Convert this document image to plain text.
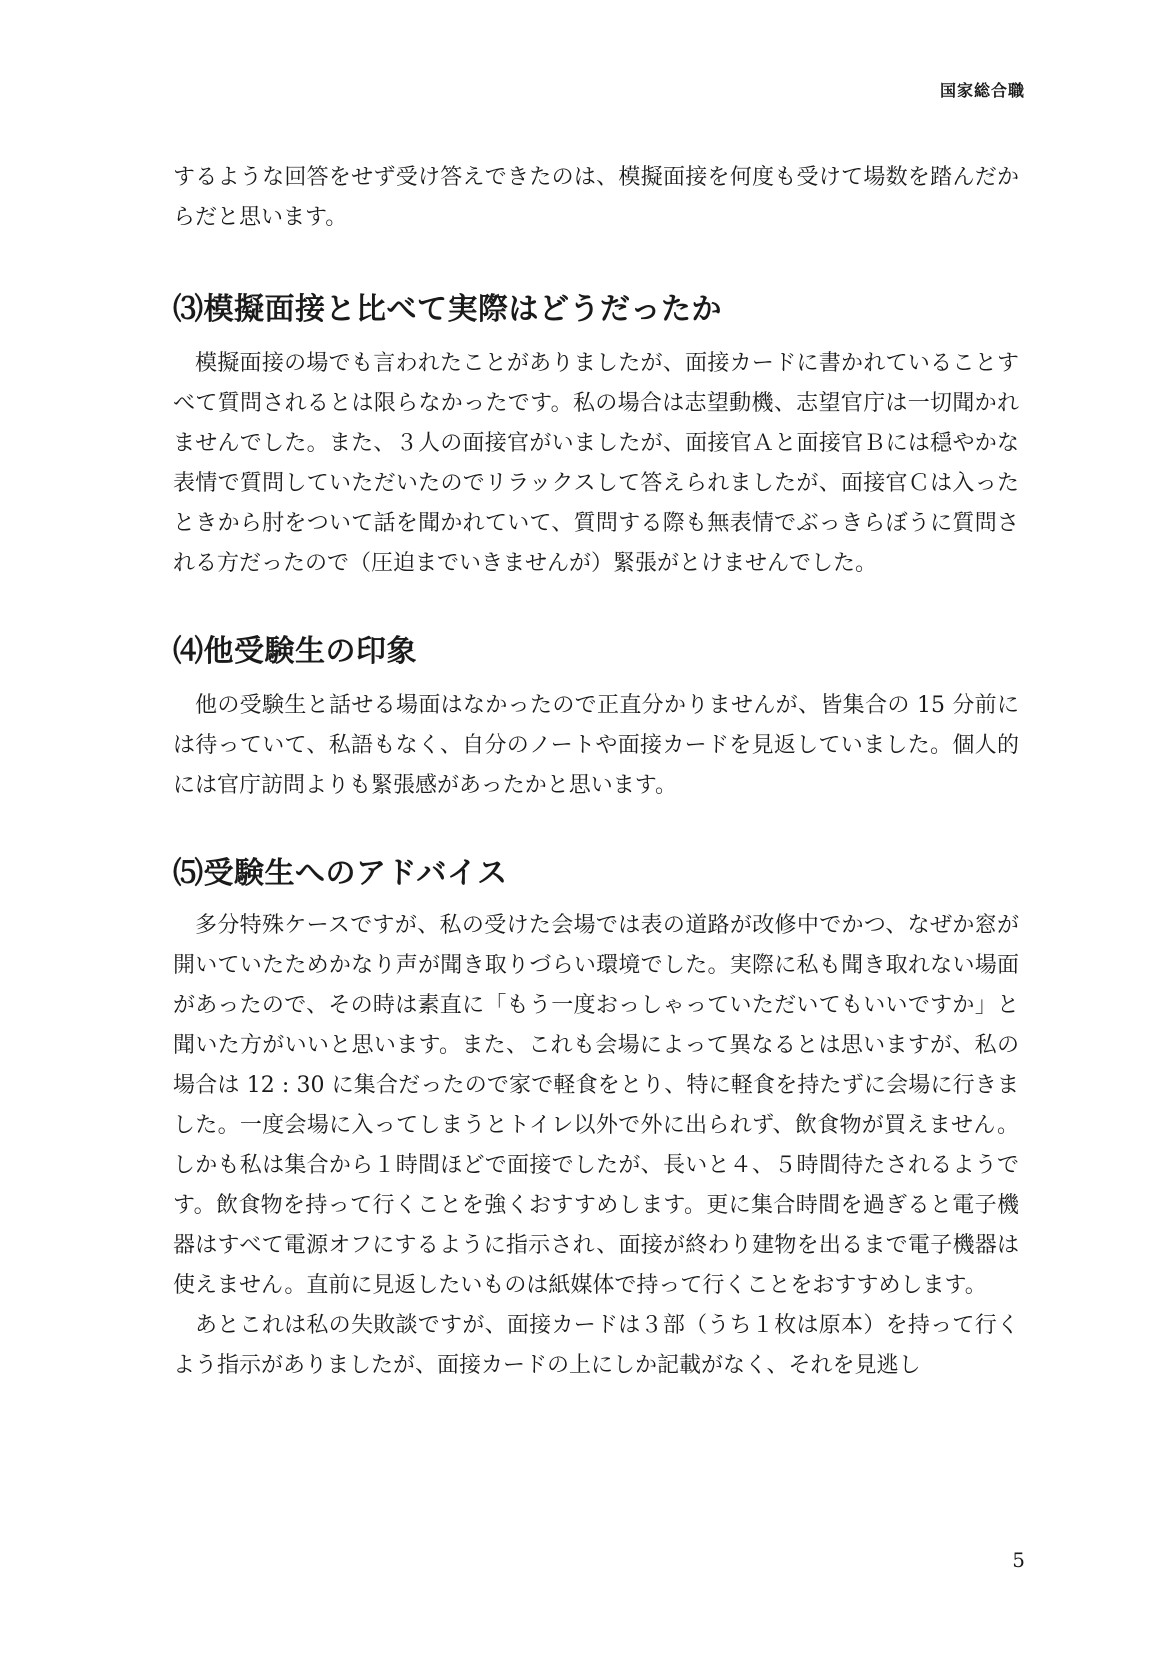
国家総合職

するような回答をせず受け答えできたのは、模擬面接を何度も受けて場数を踏んだからだと思います。

⑶模擬面接と比べて実際はどうだったか

模擬面接の場でも言われたことがありましたが、面接カードに書かれていることすべて質問されるとは限らなかったです。私の場合は志望動機、志望官庁は一切聞かれませんでした。また、３人の面接官がいましたが、面接官Ａと面接官Ｂには穏やかな表情で質問していただいたのでリラックスして答えられましたが、面接官Ｃは入ったときから肘をついて話を聞かれていて、質問する際も無表情でぶっきらぼうに質問される方だったので（圧迫までいきませんが）緊張がとけませんでした。

⑷他受験生の印象

他の受験生と話せる場面はなかったので正直分かりませんが、皆集合の 15 分前には待っていて、私語もなく、自分のノートや面接カードを見返していました。個人的には官庁訪問よりも緊張感があったかと思います。

⑸受験生へのアドバイス

多分特殊ケースですが、私の受けた会場では表の道路が改修中でかつ、なぜか窓が開いていたためかなり声が聞き取りづらい環境でした。実際に私も聞き取れない場面があったので、その時は素直に「もう一度おっしゃっていただいてもいいですか」と聞いた方がいいと思います。また、これも会場によって異なるとは思いますが、私の場合は 12 : 30 に集合だったので家で軽食をとり、特に軽食を持たずに会場に行きました。一度会場に入ってしまうとトイレ以外で外に出られず、飲食物が買えません。しかも私は集合から１時間ほどで面接でしたが、長いと４、５時間待たされるようです。飲食物を持って行くことを強くおすすめします。更に集合時間を過ぎると電子機器はすべて電源オフにするように指示され、面接が終わり建物を出るまで電子機器は使えません。直前に見返したいものは紙媒体で持って行くことをおすすめします。

あとこれは私の失敗談ですが、面接カードは３部（うち１枚は原本）を持って行くよう指示がありましたが、面接カードの上にしか記載がなく、それを見逃し

5
